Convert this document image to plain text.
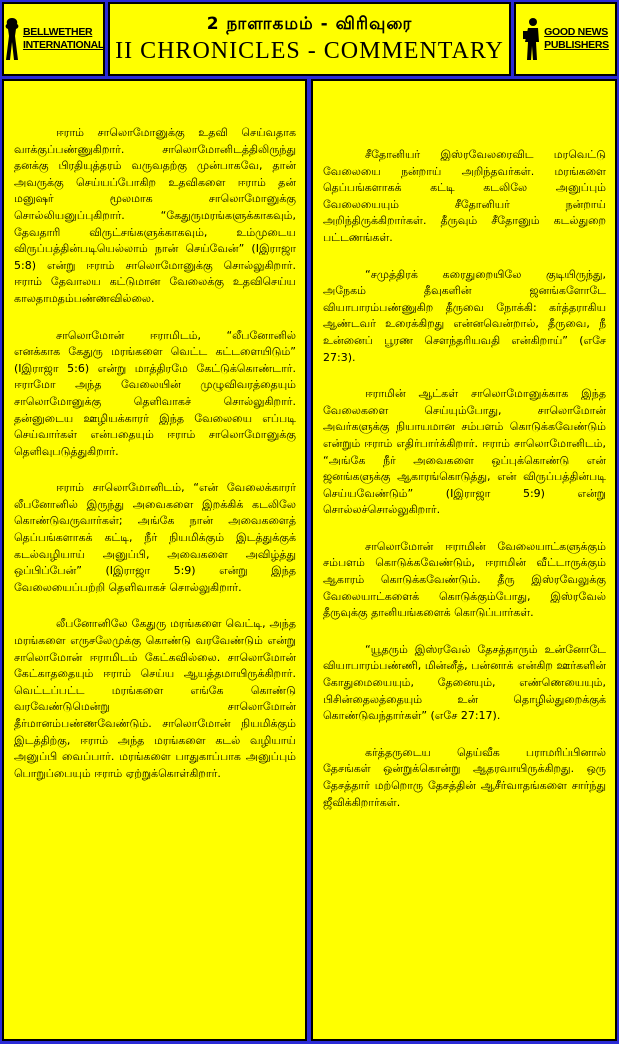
BELLWETHER
INTERNATIONAL
2 நாளாகமம் - விரிவுரை
II CHRONICLES - COMMENTARY
GOOD NEWS
PUBLISHERS

ஈராம் சாலொமோனுக்கு உதவி செய்வதாக வாக்குப்பண்ணுகிறார். சாலொமோனிடத்திலிருந்து தனக்கு பிரதியுத்தரம் வருவதற்கு முன்பாகவே, தான் அவருக்கு செய்யப்போகிற உதவிகளை ஈராம் தன் மனுஷர் மூலமாக சாலொமோனுக்கு சொல்லியனுப்புகிறார். “கேதுருமரங்களுக்காகவும், தேவதாரி விருட்சங்களுக்காகவும், உம்முடைய விருப்பத்தின்படியெல்லாம் நான் செய்வேன்” (Iஇராஜா 5:8) என்று ஈராம் சாலொமோனுக்கு சொல்லுகிறார். ஈராம் தேவாலய கட்டுமான வேலைக்கு உதவிசெய்ய காலதாமதம்பண்ணவில்லை.

சாலொமோன் ஈராமிடம், “லீபனோனில் எனக்காக கேதுரு மரங்களை வெட்ட கட்டளையிடும்” (Iஇராஜா 5:6) என்று மாத்திரமே கேட்டுக்கொண்டார். ஈராமோ அந்த வேலையின் முழுவிவரத்தையும் சாலொமோனுக்கு தெளிவாகச் சொல்லுகிறார். தன்னுடைய ஊழியக்காரர் இந்த வேலையை எப்படி செய்வார்கள் என்பதையும் ஈராம் சாலொமோனுக்கு தெளிவுபடுத்துகிறார்.

ஈராம் சாலொமோனிடம், “என் வேலைக்காரர் லீபனோனில் இருந்து அவைகளை இறக்கிக் கடலிலே கொண்டுவருவார்கள்; அங்கே நான் அவைகளைத் தெப்பங்களாகக் கட்டி, நீர் நியமிக்கும் இடத்துக்குக் கடல்வழியாய் அனுப்பி, அவைகளை அவிழ்த்து ஒப்பிப்பேன்” (Iஇராஜா 5:9) என்று இந்த வேலையைப்பற்றி தெளிவாகச் சொல்லுகிறார்.

லீபனோனிலே கேதுரு மரங்களை வெட்டி, அந்த மரங்களை எருசலேமுக்கு கொண்டு வரவேண்டும் என்று சாலொமோன் ஈராமிடம் கேட்கவில்லை. சாலொமோன் கேட்காததையும் ஈராம் செய்ய ஆயத்தமாயிருக்கிறார். வெட்டப்பட்ட மரங்களை எங்கே கொண்டு வரவேண்டுமென்று சாலொமோன் தீர்மானம்பண்ணவேண்டும். சாலொமோன் நியமிக்கும் இடத்திற்கு, ஈராம் அந்த மரங்களை கடல் வழியாய் அனுப்பி வைப்பார். மரங்களை பாதுகாப்பாக அனுப்பும் பொறுப்பையும் ஈராம் ஏற்றுக்கொள்கிறார்.

சீதோனியர் இஸ்ரவேலரைவிட மரவெட்டு வேலையை நன்றாய் அறிந்தவர்கள். மரங்களை தெப்பங்களாகக் கட்டி கடலிலே அனுப்பும் வேலையையும் சீதோனியர் நன்றாய் அறிந்திருக்கிறார்கள். தீருவும் சீதோனும் கடல்துறை பட்டணங்கள்.

“சமுத்திரக் கரைதுறையிலே குடியிருந்து, அநேகம் தீவுகளின் ஜனங்களோடே வியாபாரம்பண்ணுகிற தீருவை நோக்கி: கர்த்தராகிய ஆண்டவர் உரைக்கிறது என்னவென்றால், தீருவை, நீ உன்னைப் பூரண சௌந்தரியவதி என்கிறாய்” (எசே 27:3).

ஈராமின் ஆட்கள் சாலொமோனுக்காக இந்த வேலைகளை செய்யும்போது, சாலொமோன் அவர்களுக்கு நியாயமான சம்பளம் கொடுக்கவேண்டும் என்றும் ஈராம் எதிர்பார்க்கிறார். ஈராம் சாலொமோனிடம், “அங்கே நீர் அவைகளை ஒப்புக்கொண்டு என் ஜனங்களுக்கு ஆகாரங்கொடுத்து, என் விருப்பத்தின்படி செய்யவேண்டும்” (Iஇராஜா 5:9) என்று சொல்லச்சொல்லுகிறார்.

சாலொமோன் ஈராமின் வேலையாட்களுக்கும் சம்பளம் கொடுக்கவேண்டும், ஈராமின் வீட்டாருக்கும் ஆகாரம் கொடுக்கவேண்டும். தீரு இஸ்ரவேலுக்கு வேலையாட்களைக் கொடுக்கும்போது, இஸ்ரவேல் தீருவுக்கு தானியங்களைக் கொடுப்பார்கள்.

“யூதரும் இஸ்ரவேல் தேசத்தாரும் உன்னோடே வியாபாரம்பண்ணி, மின்னீத், பன்னாக் என்கிற ஊர்களின் கோதுமையையும், தேனையும், எண்ணெயையும், பிசின்தைலத்தையும் உன் தொழில்துறைக்குக் கொண்டுவந்தார்கள்” (எசே 27:17).

கர்த்தருடைய தெய்வீக பராமரிப்பினால் தேசங்கள் ஒன்றுக்கொன்று ஆதரவாயிருக்கிறது. ஒரு தேசத்தார் மற்றொரு தேசத்தின் ஆசீர்வாதங்களை சார்ந்து ஜீவிக்கிறார்கள்.
